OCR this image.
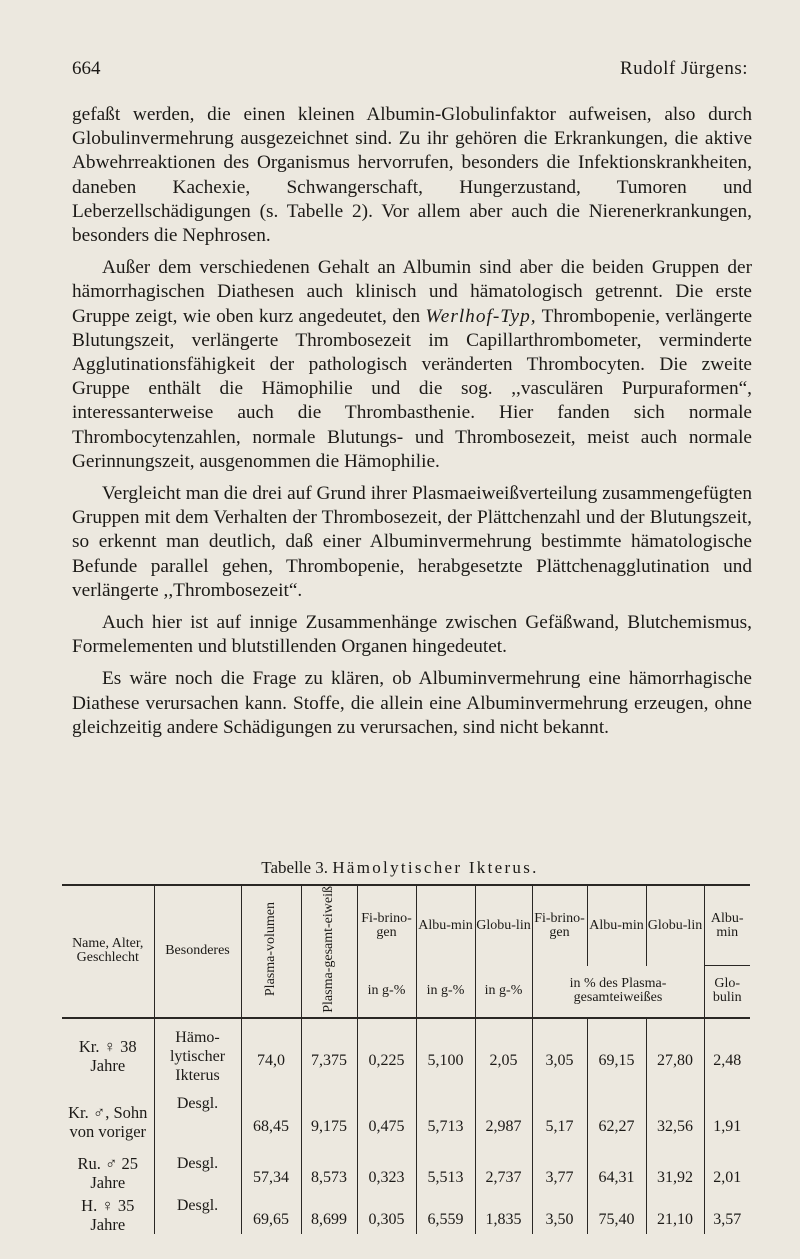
664	Rudolf Jürgens:

gefaßt werden, die einen kleinen Albumin-Globulinfaktor aufweisen, also durch Globulinvermehrung ausgezeichnet sind. Zu ihr gehören die Erkrankungen, die aktive Abwehrreaktionen des Organismus hervorrufen, besonders die Infektionskrankheiten, daneben Kachexie, Schwangerschaft, Hungerzustand, Tumoren und Leberzellschädigungen (s. Tabelle 2). Vor allem aber auch die Nierenerkrankungen, besonders die Nephrosen.

Außer dem verschiedenen Gehalt an Albumin sind aber die beiden Gruppen der hämorrhagischen Diathesen auch klinisch und hämatologisch getrennt. Die erste Gruppe zeigt, wie oben kurz angedeutet, den Werlhof-Typ, Thrombopenie, verlängerte Blutungszeit, verlängerte Thrombosezeit im Capillarthrombometer, verminderte Agglutinationsfähigkeit der pathologisch veränderten Thrombocyten. Die zweite Gruppe enthält die Hämophilie und die sog. ,,vasculären Purpuraformen“, interessanterweise auch die Thrombasthenie. Hier fanden sich normale Thrombocytenzahlen, normale Blutungs- und Thrombosezeit, meist auch normale Gerinnungszeit, ausgenommen die Hämophilie.

Vergleicht man die drei auf Grund ihrer Plasmaeiweißverteilung zusammengefügten Gruppen mit dem Verhalten der Thrombosezeit, der Plättchenzahl und der Blutungszeit, so erkennt man deutlich, daß einer Albuminvermehrung bestimmte hämatologische Befunde parallel gehen, Thrombopenie, herabgesetzte Plättchenagglutination und verlängerte ,,Thrombosezeit“.

Auch hier ist auf innige Zusammenhänge zwischen Gefäßwand, Blutchemismus, Formelementen und blutstillenden Organen hingedeutet.

Es wäre noch die Frage zu klären, ob Albuminvermehrung eine hämorrhagische Diathese verursachen kann. Stoffe, die allein eine Albuminvermehrung erzeugen, ohne gleichzeitig andere Schädigungen zu verursachen, sind nicht bekannt.

Tabelle 3. Hämolytischer Ikterus.
Name, Alter, Geschlecht	Besonderes	Plasma-volumen	Plasma-gesamt-eiweiß	Fi-brino-gen	Albu-min	Globu-lin	Fi-brino-gen	Albu-min	Globu-lin	Albu-min
				in g-%	in g-%	in g-%	in % des Plasma-gesamteiweißes			Glo-bulin
Kr. ♀ 38 Jahre	Hämo-lytischer Ikterus	74,0	7,375	0,225	5,100	2,05	3,05	69,15	27,80	2,48
Kr. ♂, Sohn von voriger	Desgl.	68,45	9,175	0,475	5,713	2,987	5,17	62,27	32,56	1,91
Ru. ♂ 25 Jahre	Desgl.	57,34	8,573	0,323	5,513	2,737	3,77	64,31	31,92	2,01
H. ♀ 35 Jahre	Desgl.	69,65	8,699	0,305	6,559	1,835	3,50	75,40	21,10	3,57
